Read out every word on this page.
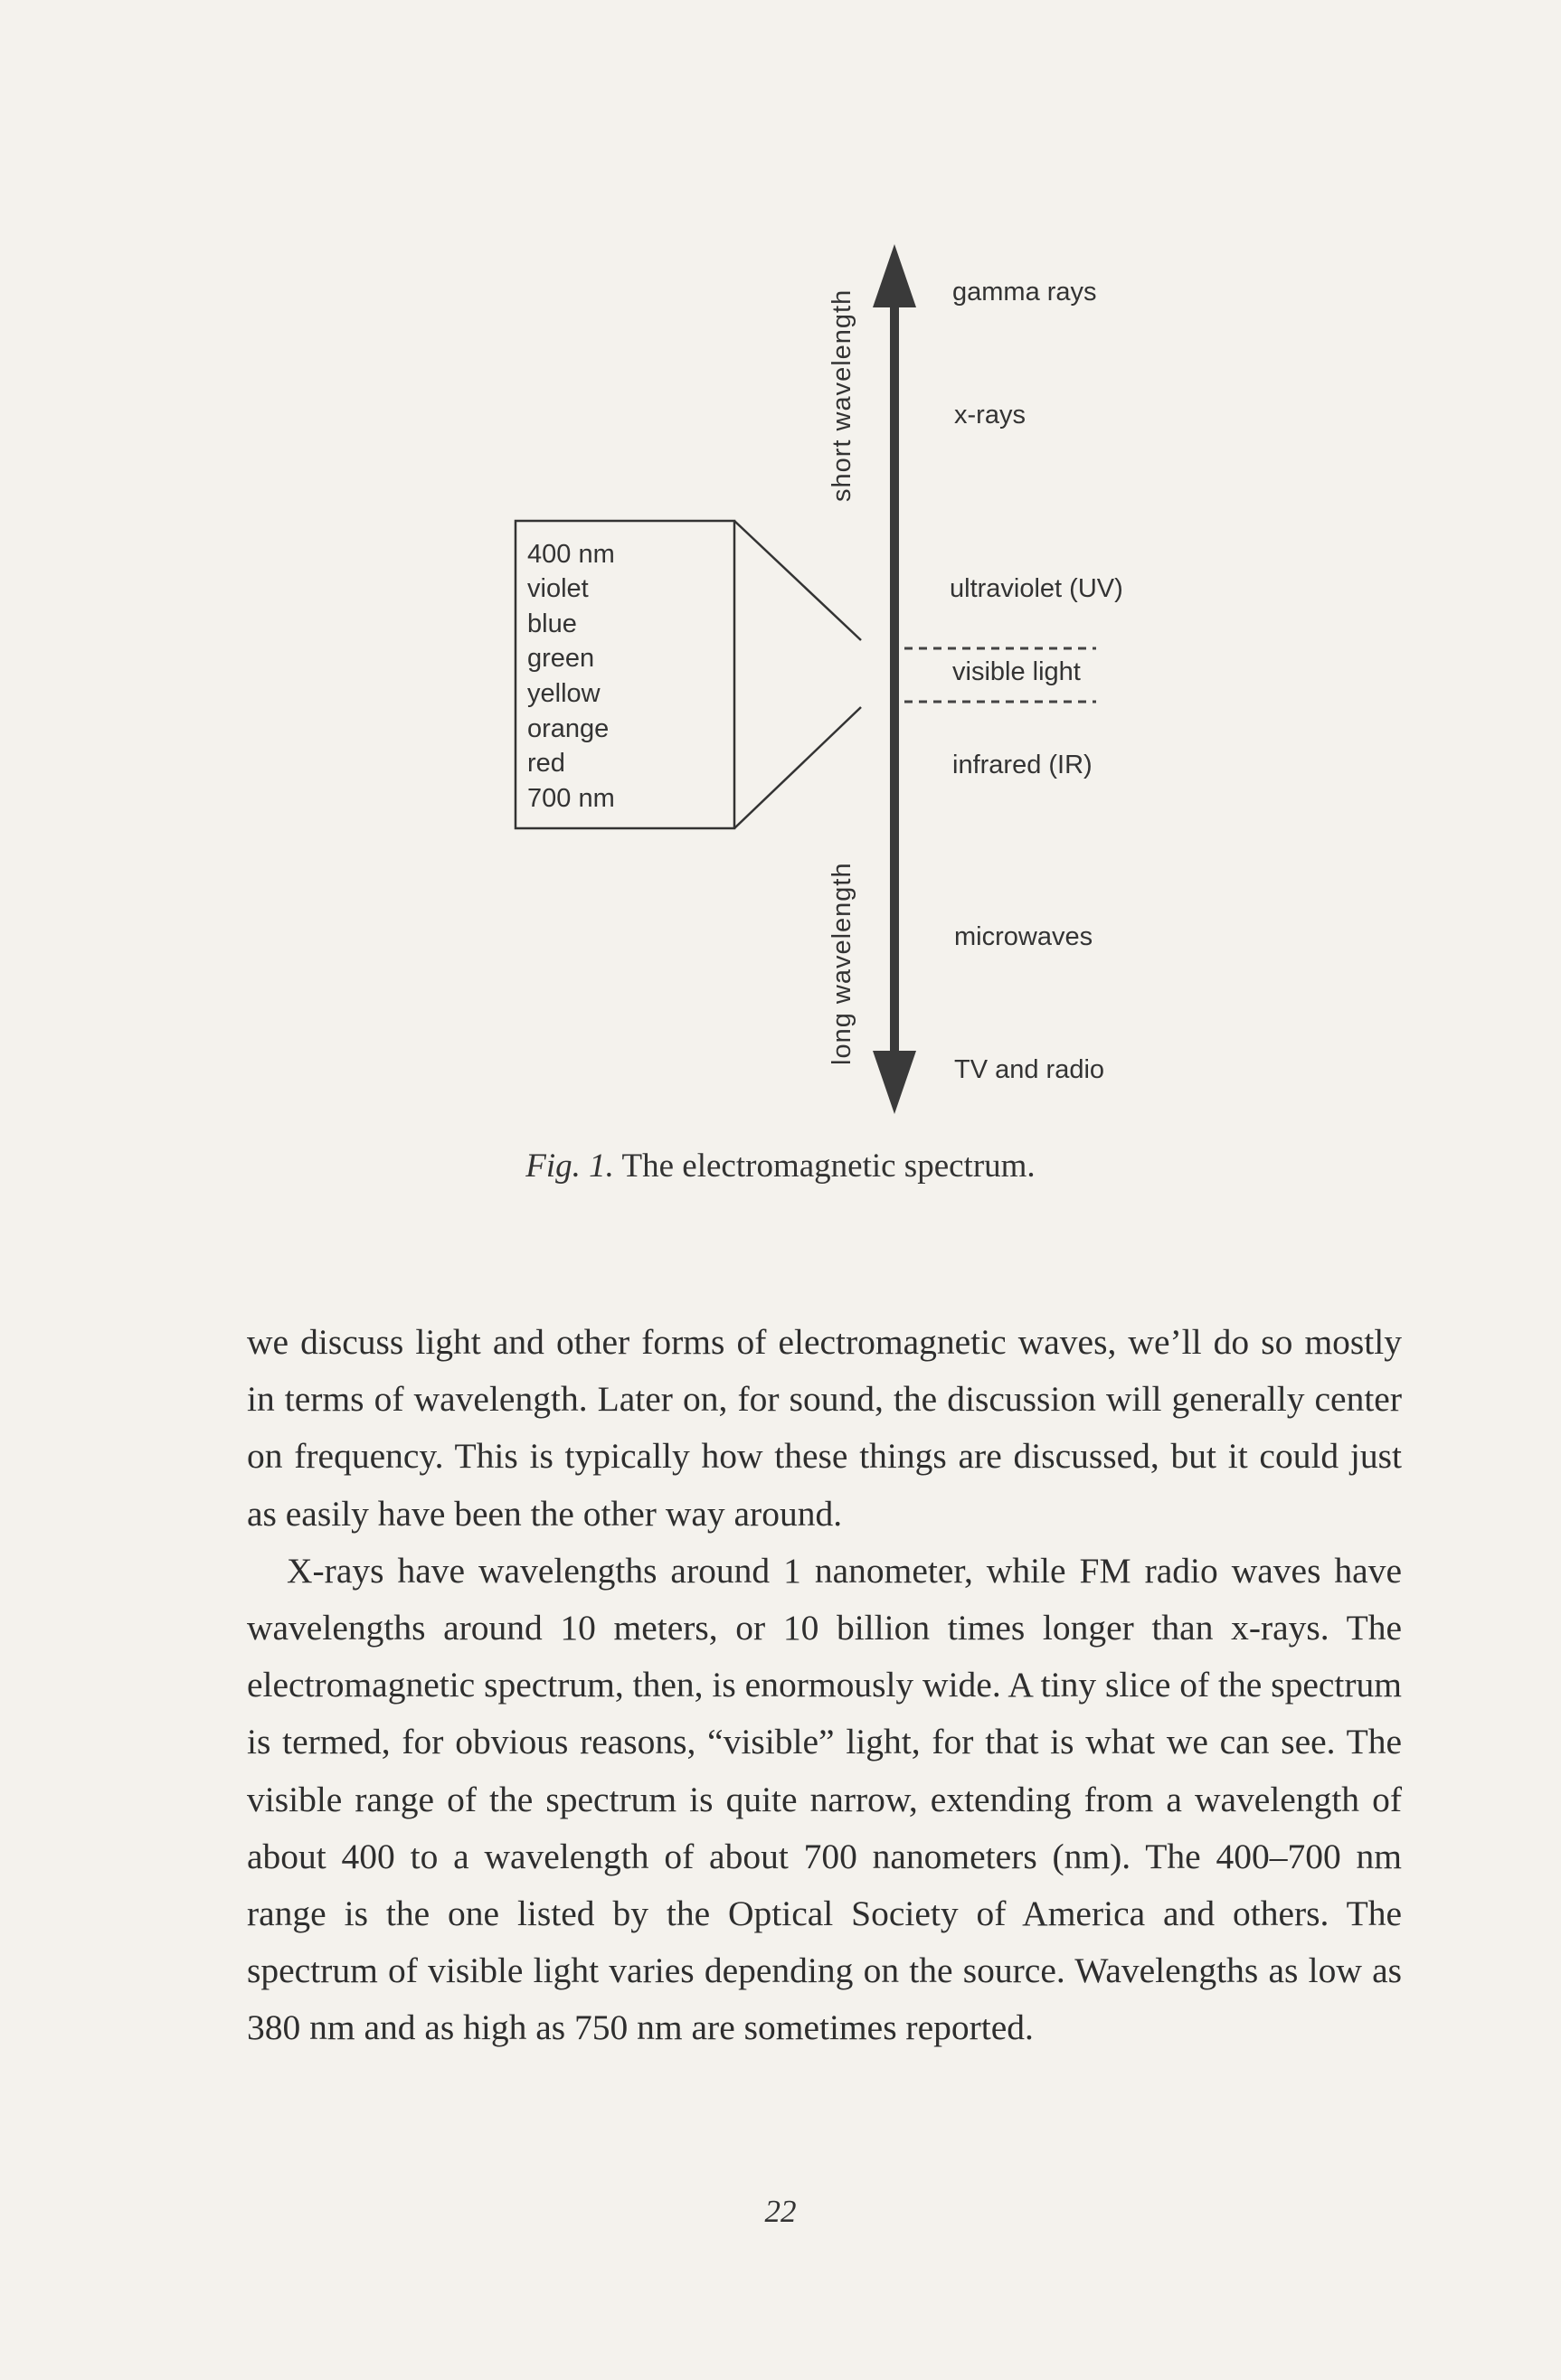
short wavelength
long wavelength
gamma rays
x-rays
ultraviolet (UV)
visible light
infrared (IR)
microwaves
TV and radio
400 nm
violet
blue
green
yellow
orange
red
700 nm

Fig. 1. The electromagnetic spectrum.

we discuss light and other forms of electromagnetic waves, we’ll do so mostly in terms of wavelength. Later on, for sound, the discussion will generally center on frequency. This is typically how these things are discussed, but it could just as easily have been the other way around.

X-rays have wavelengths around 1 nanometer, while FM radio waves have wavelengths around 10 meters, or 10 billion times longer than x-rays. The electromagnetic spectrum, then, is enormously wide. A tiny slice of the spectrum is termed, for obvious reasons, “visible” light, for that is what we can see. The visible range of the spectrum is quite narrow, extending from a wavelength of about 400 to a wavelength of about 700 nanometers (nm). The 400–700 nm range is the one listed by the Optical Society of America and others. The spectrum of visible light varies depending on the source. Wavelengths as low as 380 nm and as high as 750 nm are sometimes reported.

22
